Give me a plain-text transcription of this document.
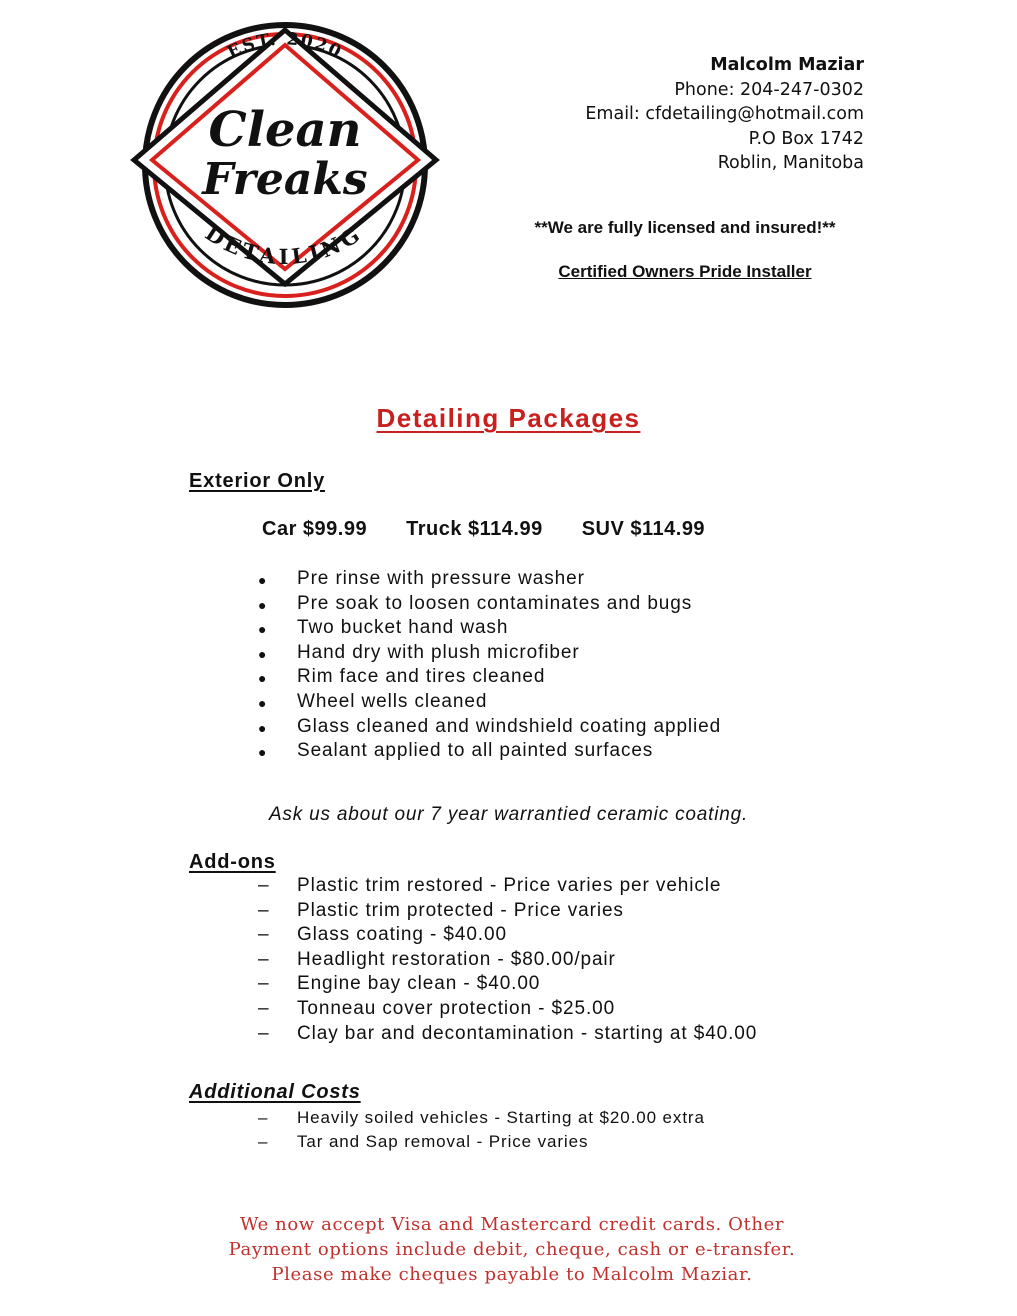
EST. 2020
Clean
Freaks
DETAILING
Malcolm Maziar
Phone: 204-247-0302
Email: cfdetailing@hotmail.com
P.O Box 1742
Roblin, Manitoba
**We are fully licensed and insured!**
Certified Owners Pride Installer
Detailing Packages
Exterior Only
Car $99.99 Truck $114.99 SUV $114.99
● Pre rinse with pressure washer
● Pre soak to loosen contaminates and bugs
● Two bucket hand wash
● Hand dry with plush microfiber
● Rim face and tires cleaned
● Wheel wells cleaned
● Glass cleaned and windshield coating applied
● Sealant applied to all painted surfaces
Ask us about our 7 year warrantied ceramic coating.
Add-ons
– Plastic trim restored - Price varies per vehicle
– Plastic trim protected - Price varies
– Glass coating - $40.00
– Headlight restoration - $80.00/pair
– Engine bay clean - $40.00
– Tonneau cover protection - $25.00
– Clay bar and decontamination - starting at $40.00
Additional Costs
– Heavily soiled vehicles - Starting at $20.00 extra
– Tar and Sap removal - Price varies
We now accept Visa and Mastercard credit cards. Other
Payment options include debit, cheque, cash or e-transfer.
Please make cheques payable to Malcolm Maziar.
